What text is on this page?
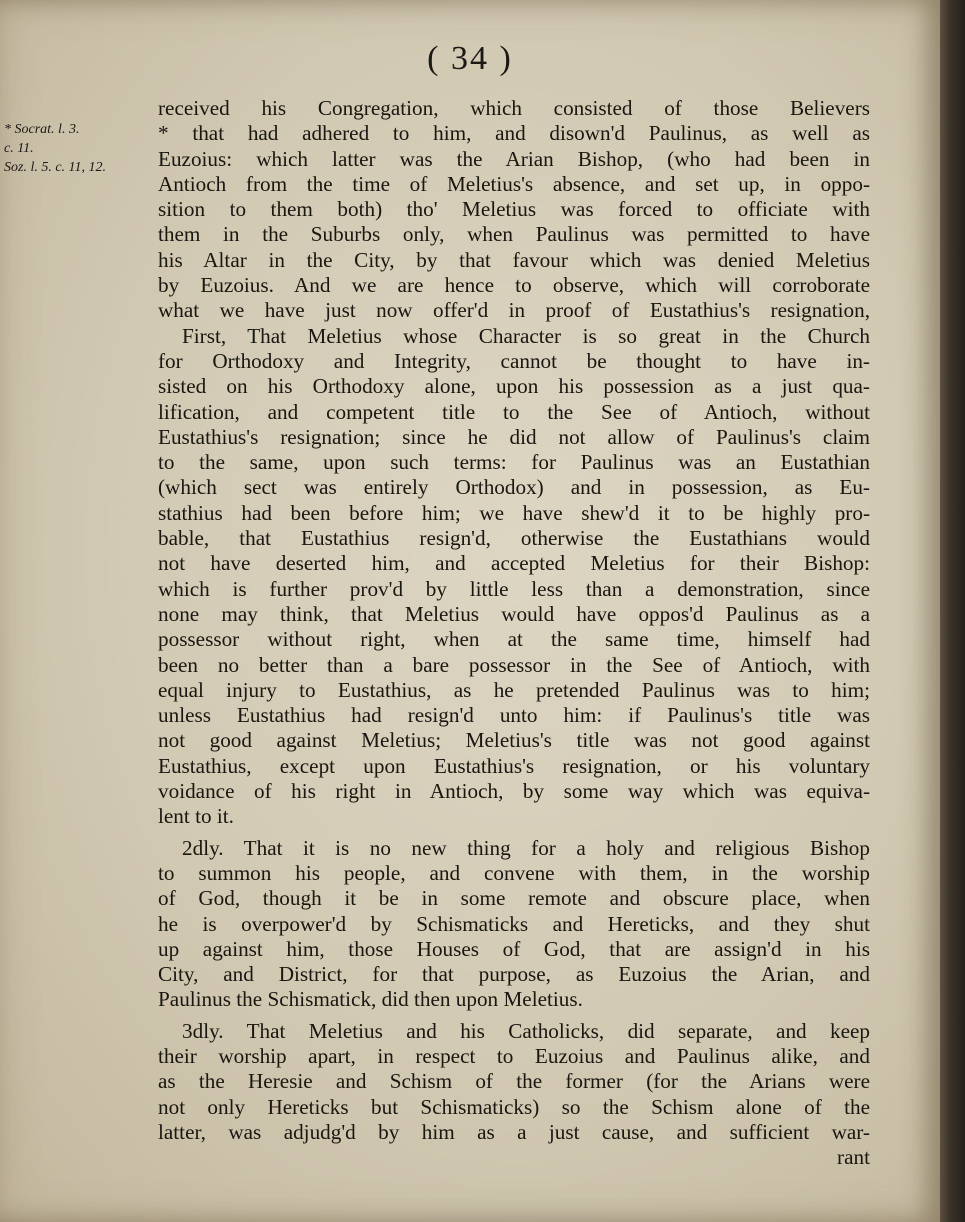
( 34 )
* Socrat. l. 3.
c. 11.
Soz. l. 5. c. 11, 12.
received his Congregation, which consisted of those Believers
* that had adhered to him, and disown'd Paulinus, as well as
Euzoius: which latter was the Arian Bishop, (who had been in
Antioch from the time of Meletius's absence, and set up, in oppo-
sition to them both) tho' Meletius was forced to officiate with
them in the Suburbs only, when Paulinus was permitted to have
his Altar in the City, by that favour which was denied Meletius
by Euzoius. And we are hence to observe, which will corroborate
what we have just now offer'd in proof of Eustathius's resignation,
First, That Meletius whose Character is so great in the Church
for Orthodoxy and Integrity, cannot be thought to have in-
sisted on his Orthodoxy alone, upon his possession as a just qua-
lification, and competent title to the See of Antioch, without
Eustathius's resignation; since he did not allow of Paulinus's claim
to the same, upon such terms: for Paulinus was an Eustathian
(which sect was entirely Orthodox) and in possession, as Eu-
stathius had been before him; we have shew'd it to be highly pro-
bable, that Eustathius resign'd, otherwise the Eustathians would
not have deserted him, and accepted Meletius for their Bishop:
which is further prov'd by little less than a demonstration, since
none may think, that Meletius would have oppos'd Paulinus as a
possessor without right, when at the same time, himself had
been no better than a bare possessor in the See of Antioch, with
equal injury to Eustathius, as he pretended Paulinus was to him;
unless Eustathius had resign'd unto him: if Paulinus's title was
not good against Meletius; Meletius's title was not good against
Eustathius, except upon Eustathius's resignation, or his voluntary
voidance of his right in Antioch, by some way which was equiva-
lent to it.
2dly. That it is no new thing for a holy and religious Bishop
to summon his people, and convene with them, in the worship
of God, though it be in some remote and obscure place, when
he is overpower'd by Schismaticks and Hereticks, and they shut
up against him, those Houses of God, that are assign'd in his
City, and District, for that purpose, as Euzoius the Arian, and
Paulinus the Schismatick, did then upon Meletius.
3dly. That Meletius and his Catholicks, did separate, and keep
their worship apart, in respect to Euzoius and Paulinus alike, and
as the Heresie and Schism of the former (for the Arians were
not only Hereticks but Schismaticks) so the Schism alone of the
latter, was adjudg'd by him as a just cause, and sufficient war-
rant
